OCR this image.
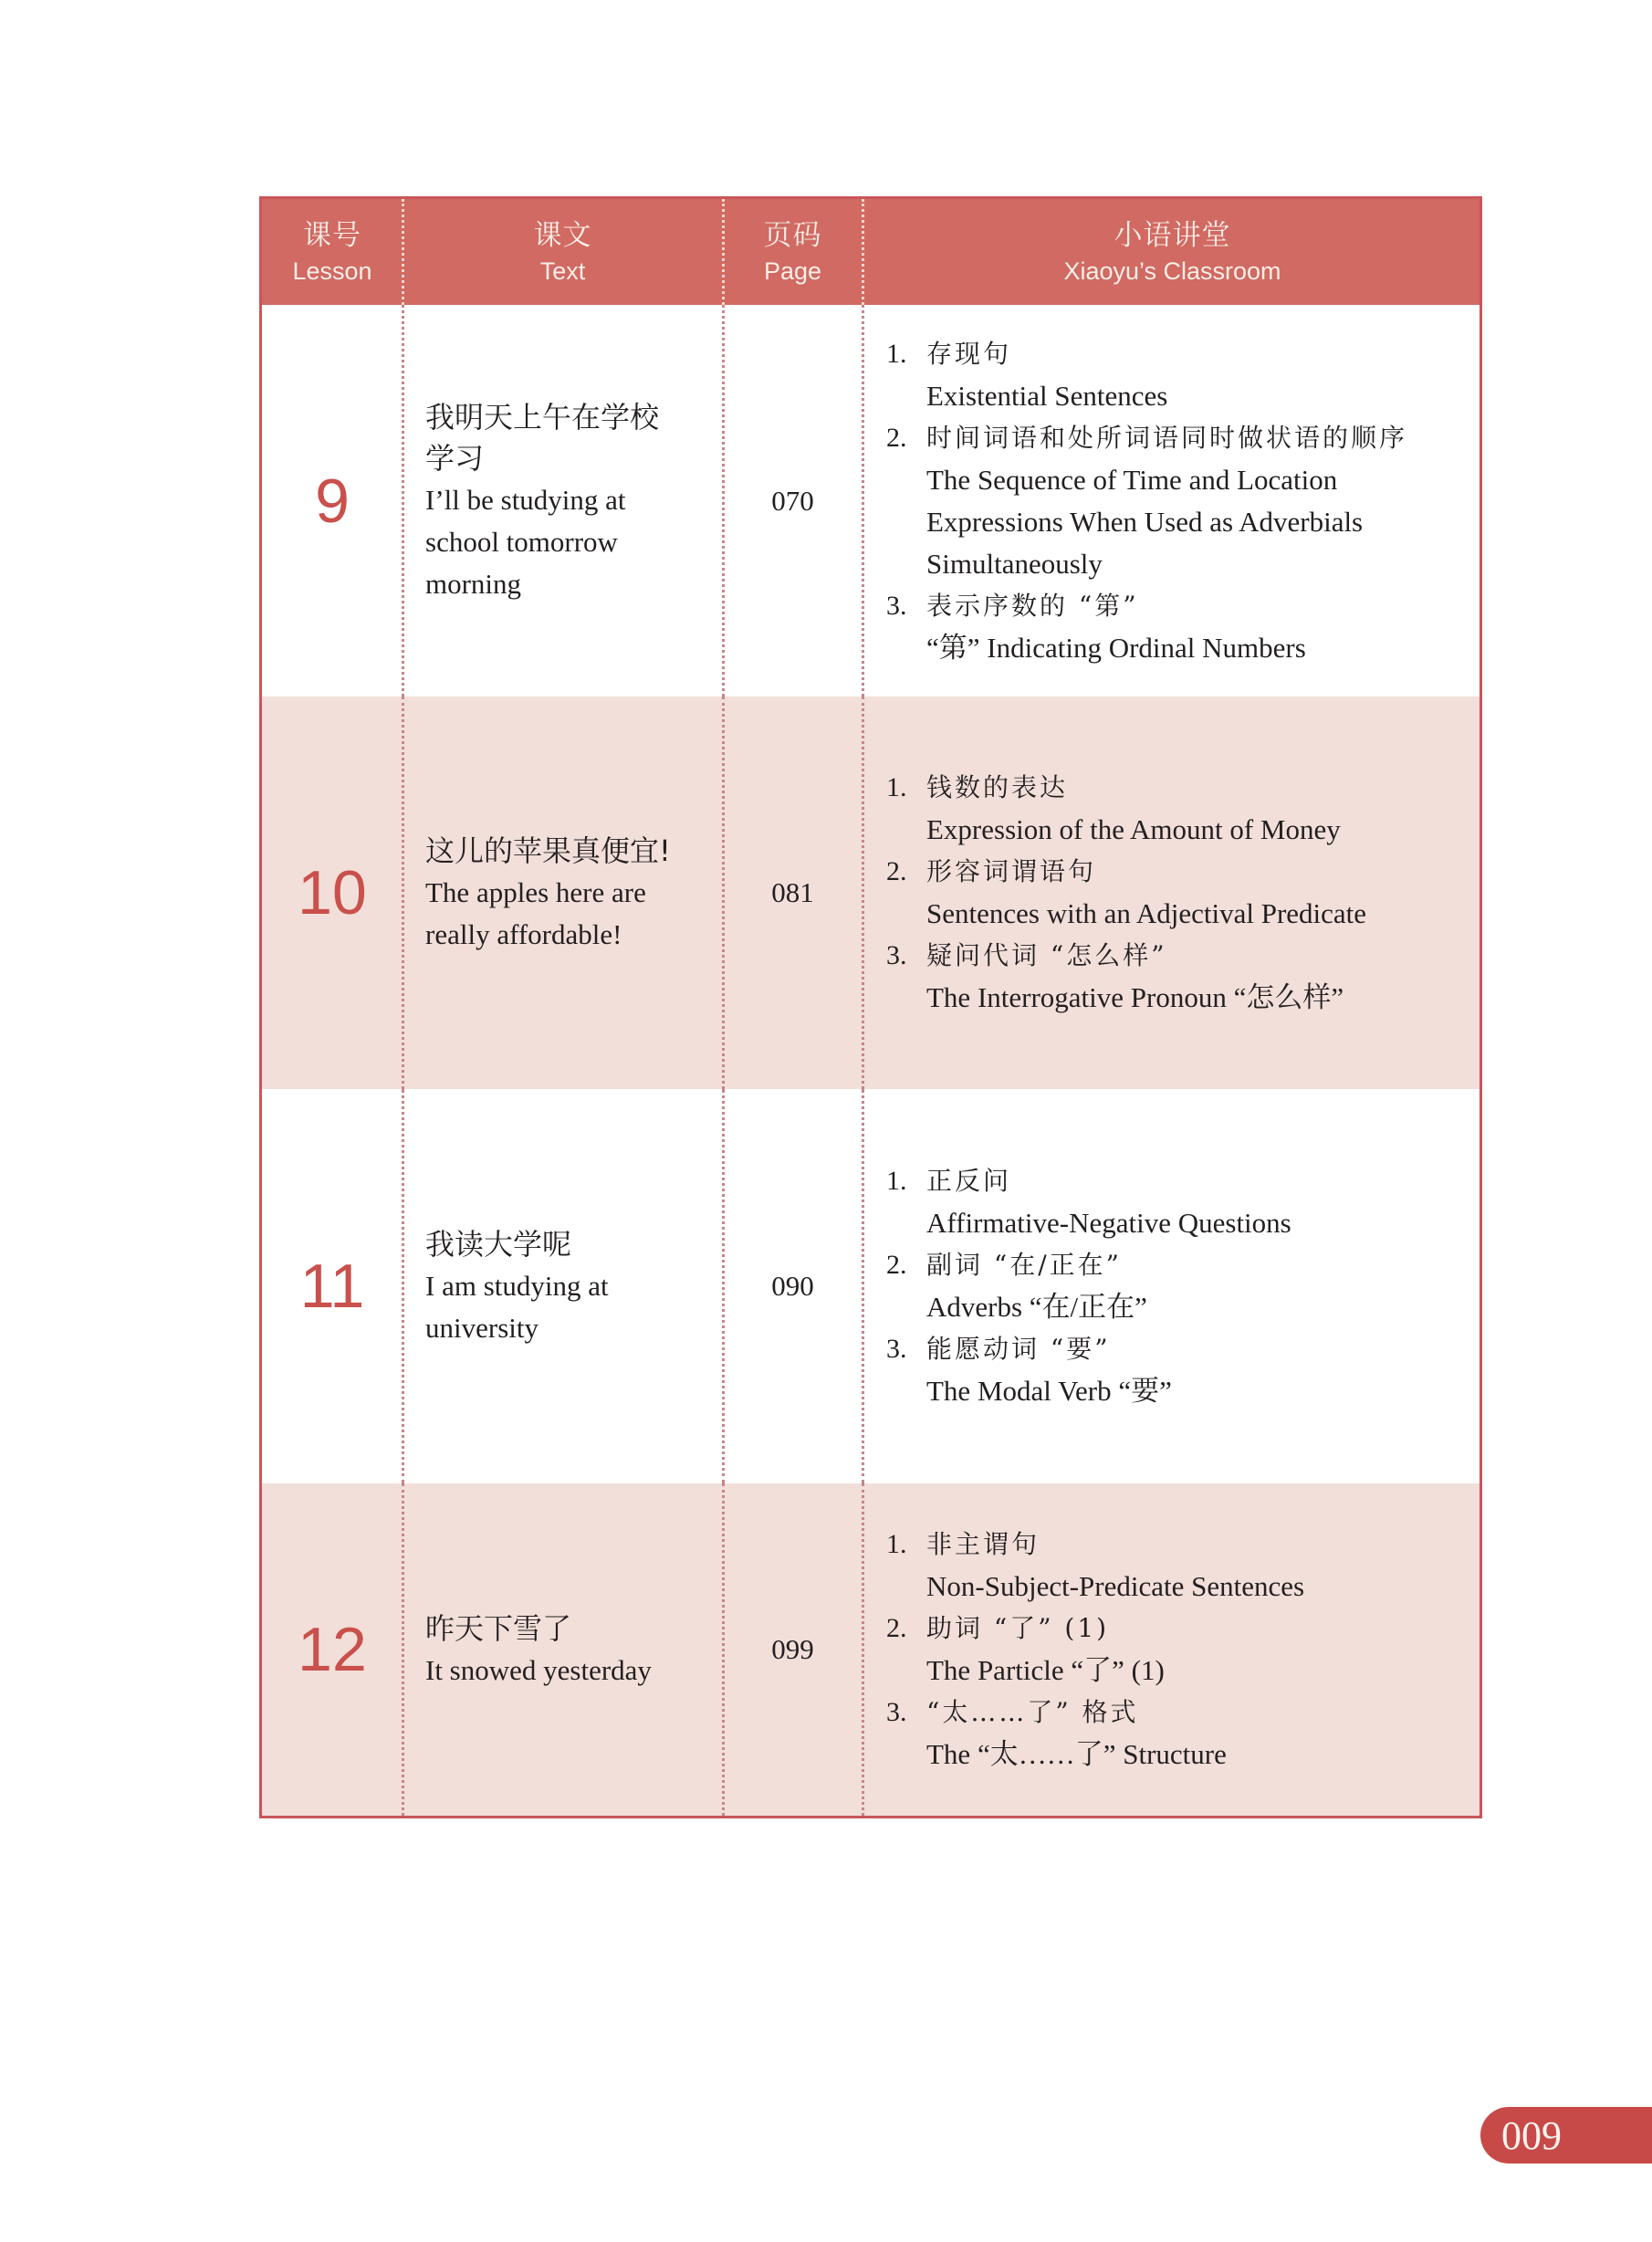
课号
Lesson
课文
Text
页码
Page
小语讲堂
Xiaoyu’s Classroom
9
我明天上午在学校
学习
I’ll be studying at
school tomorrow
morning
070
1. 存现句
Existential Sentences
2. 时间词语和处所词语同时做状语的顺序
The Sequence of Time and Location
Expressions When Used as Adverbials
Simultaneously
3. 表示序数的 “第”
“第” Indicating Ordinal Numbers
10
这儿的苹果真便宜!
The apples here are
really affordable!
081
1. 钱数的表达
Expression of the Amount of Money
2. 形容词谓语句
Sentences with an Adjectival Predicate
3. 疑问代词 “怎么样”
The Interrogative Pronoun “怎么样”
11
我读大学呢
I am studying at
university
090
1. 正反问
Affirmative-Negative Questions
2. 副词 “在/正在”
Adverbs “在/正在”
3. 能愿动词 “要”
The Modal Verb “要”
12 昨天下雪了
It snowed yesterday
099
1. 非主谓句
Non-Subject-Predicate Sentences
2. 助词 “了” (1)
The Particle “了” (1)
3. “太……了” 格式
The “太……了” Structure
009
